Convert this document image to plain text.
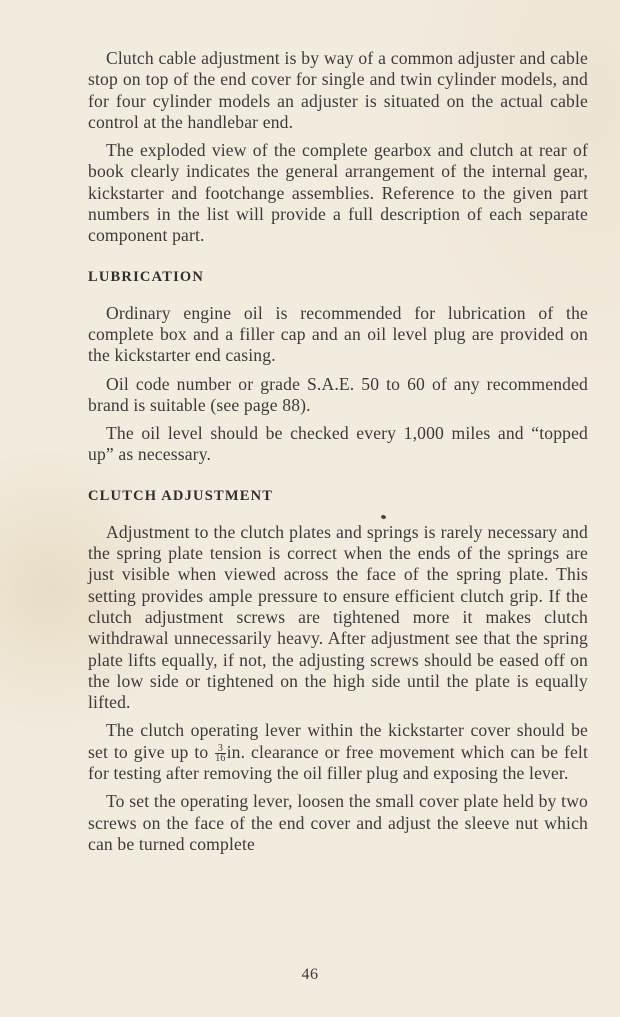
Clutch cable adjustment is by way of a common adjuster and cable stop on top of the end cover for single and twin cylinder models, and for four cylinder models an adjuster is situated on the actual cable control at the handlebar end.

The exploded view of the complete gearbox and clutch at rear of book clearly indicates the general arrangement of the internal gear, kickstarter and footchange assemblies. Reference to the given part numbers in the list will provide a full description of each separate component part.

LUBRICATION

Ordinary engine oil is recommended for lubrication of the complete box and a filler cap and an oil level plug are provided on the kickstarter end casing.

Oil code number or grade S.A.E. 50 to 60 of any recommended brand is suitable (see page 88).

The oil level should be checked every 1,000 miles and “topped up” as necessary.

CLUTCH ADJUSTMENT

Adjustment to the clutch plates and springs is rarely necessary and the spring plate tension is correct when the ends of the springs are just visible when viewed across the face of the spring plate. This setting provides ample pressure to ensure efficient clutch grip. If the clutch adjustment screws are tightened more it makes clutch withdrawal unnecessarily heavy. After adjustment see that the spring plate lifts equally, if not, the adjusting screws should be eased off on the low side or tightened on the high side until the plate is equally lifted.

The clutch operating lever within the kickstarter cover should be set to give up to $\frac{3}{16}$ in. clearance or free movement which can be felt for testing after removing the oil filler plug and exposing the lever.

To set the operating lever, loosen the small cover plate held by two screws on the face of the end cover and adjust the sleeve nut which can be turned complete

46
